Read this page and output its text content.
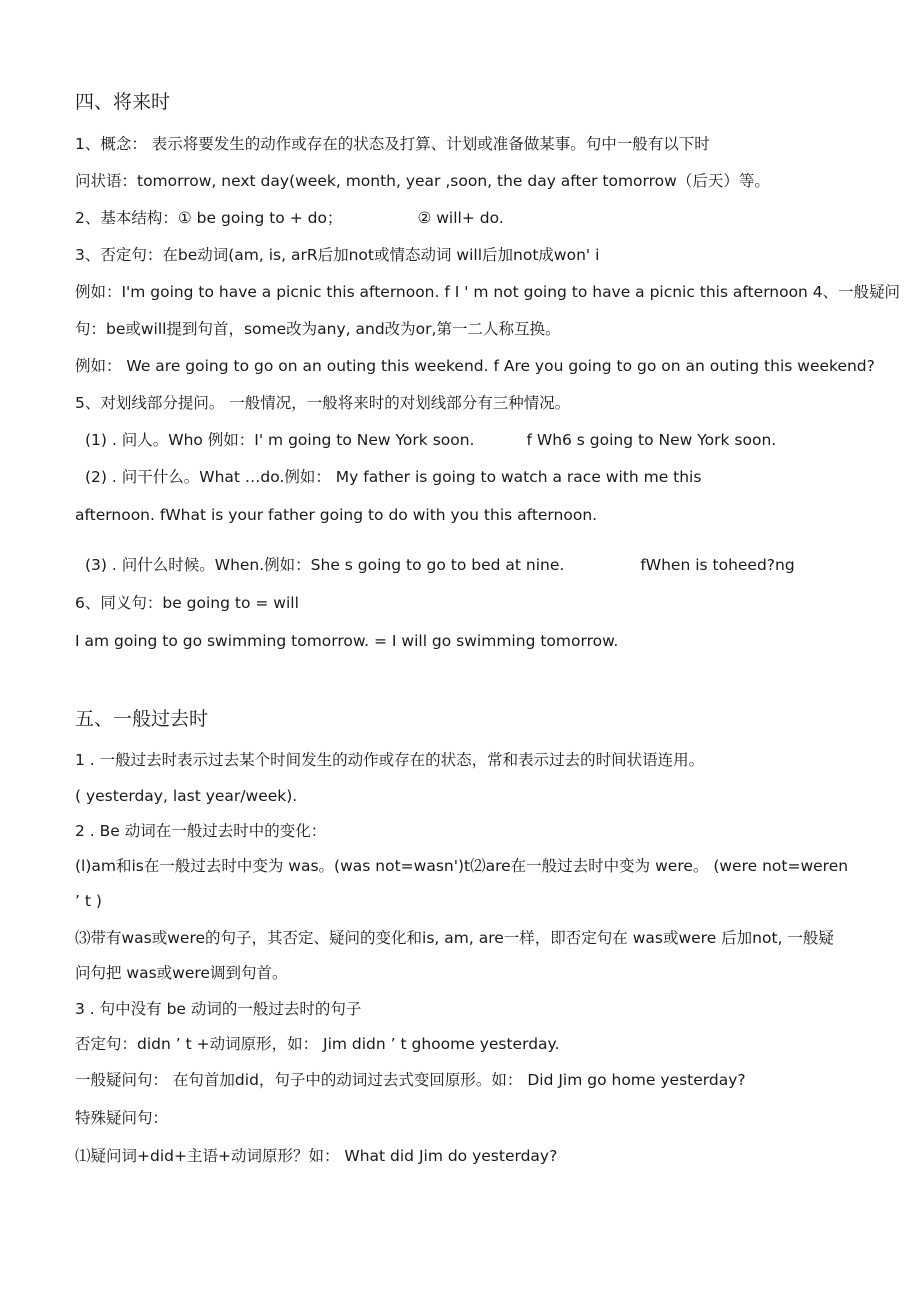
四、将来时
1、概念： 表示将要发生的动作或存在的状态及打算、计划或准备做某事。句中一般有以下时
问状语：tomorrow, next day(week, month, year ,soon, the day after tomorrow（后天）等。
2、基本结构：① be going to + do；	② will+ do.
3、否定句：在be动词(am, is, arR后加not或情态动词 will后加not成won' i
例如：I'm going to have a picnic this afternoon. f I ' m not going to have a picnic this afternoon 4、一般疑问
句：be或will提到句首，some改为any, and改为or,第一二人称互换。
例如： We are going to go on an outing this weekend. f Are you going to go on an outing this weekend?
5、对划线部分提问。 一般情况，一般将来时的对划线部分有三种情况。
(1) . 问人。Who 例如：I' m going to New York soon.	f Wh6 s going to New York soon.
(2) . 问干什么。What …do.例如： My father is going to watch a race with me this
afternoon. fWhat is your father going to do with you this afternoon.
(3) . 问什么时候。When.例如：She s going to go to bed at nine.	fWhen is toheed?ng
6、同义句：be going to = will
I am going to go swimming tomorrow. = I will go swimming tomorrow.
五、一般过去时
1 . 一般过去时表示过去某个时间发生的动作或存在的状态，常和表示过去的时间状语连用。
( yesterday, last year/week).
2 . Be 动词在一般过去时中的变化：
(l)am和is在一般过去时中变为 was。(was not=wasn')t⑵are在一般过去时中变为 were。 (were not=weren
’ t )
⑶带有was或were的句子，其否定、疑问的变化和is, am, are一样，即否定句在 was或were 后加not, 一般疑
问句把 was或were调到句首。
3 . 句中没有 be 动词的一般过去时的句子
否定句：didn ’ t +动词原形，如： Jim didn ’ t ghoome yesterday.
一般疑问句： 在句首加did，句子中的动词过去式变回原形。如： Did Jim go home yesterday?
特殊疑问句：
⑴疑问词+did+主语+动词原形？如： What did Jim do yesterday?
